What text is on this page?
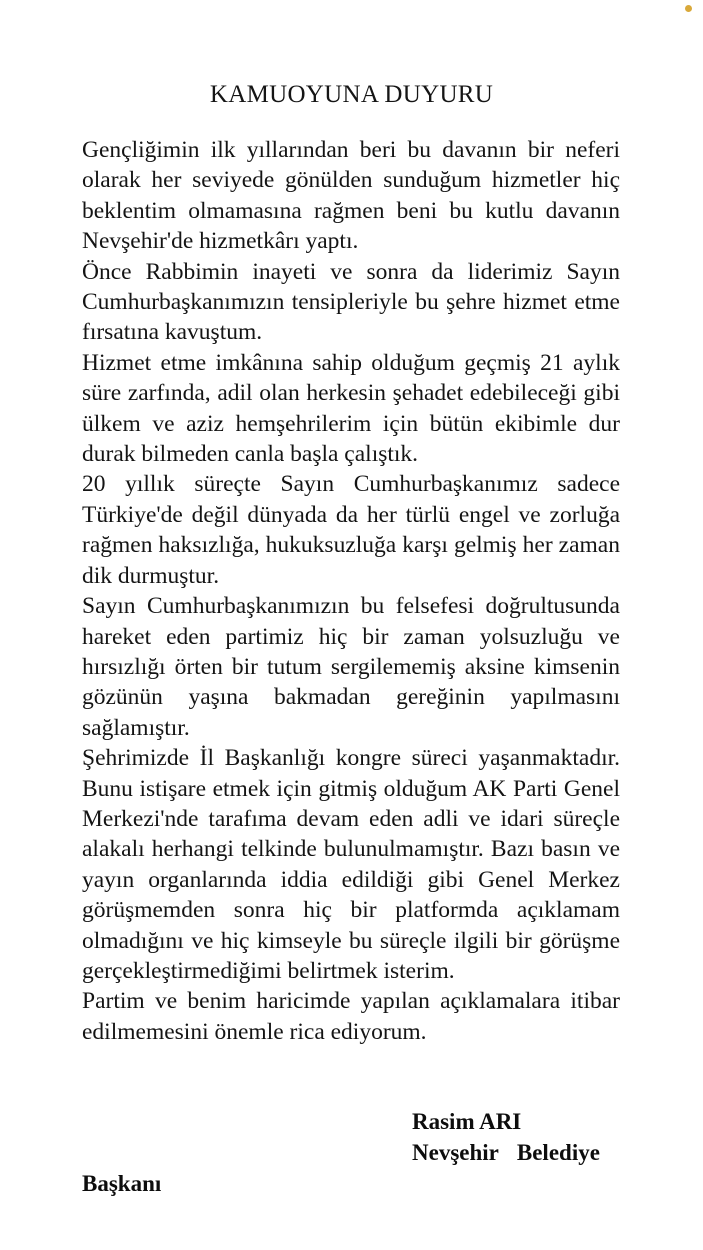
KAMUOYUNA DUYURU

Gençliğimin ilk yıllarından beri bu davanın bir neferi olarak her seviyede gönülden sunduğum hizmetler hiç beklentim olmamasına rağmen beni bu kutlu davanın Nevşehir'de hizmetkârı yaptı.

Önce Rabbimin inayeti ve sonra da liderimiz Sayın Cumhurbaşkanımızın tensipleriyle bu şehre hizmet etme fırsatına kavuştum.

Hizmet etme imkânına sahip olduğum geçmiş 21 aylık süre zarfında, adil olan herkesin şehadet edebileceği gibi ülkem ve aziz hemşehrilerim için bütün ekibimle dur durak bilmeden canla başla çalıştık.

20 yıllık süreçte Sayın Cumhurbaşkanımız sadece Türkiye'de değil dünyada da her türlü engel ve zorluğa rağmen haksızlığa, hukuksuzluğa karşı gelmiş her zaman dik durmuştur.

Sayın Cumhurbaşkanımızın bu felsefesi doğrultusunda hareket eden partimiz hiç bir zaman yolsuzluğu ve hırsızlığı örten bir tutum sergilememiş aksine kimsenin gözünün yaşına bakmadan gereğinin yapılmasını sağlamıştır.

Şehrimizde İl Başkanlığı kongre süreci yaşanmaktadır. Bunu istişare etmek için gitmiş olduğum AK Parti Genel Merkezi'nde tarafıma devam eden adli ve idari süreçle alakalı herhangi telkinde bulunulmamıştır. Bazı basın ve yayın organlarında iddia edildiği gibi Genel Merkez görüşmemden sonra hiç bir platformda açıklamam olmadığını ve hiç kimseyle bu süreçle ilgili bir görüşme gerçekleştirmediğimi belirtmek isterim.

Partim ve benim haricimde yapılan açıklamalara itibar edilmemesini önemle rica ediyorum.

Rasim ARI
Nevşehir Belediye
Başkanı
